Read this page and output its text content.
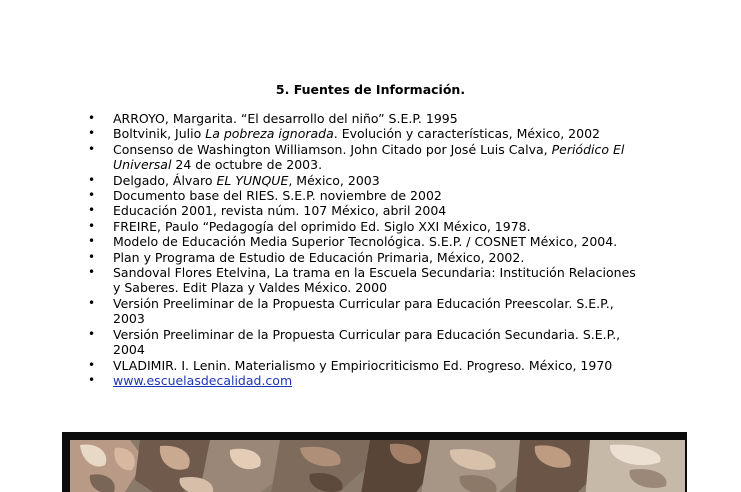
5. Fuentes de Información.
• ARROYO, Margarita. “El desarrollo del niño” S.E.P. 1995
• Boltvinik, Julio La pobreza ignorada. Evolución y características, México, 2002
• Consenso de Washington Williamson. John Citado por José Luis Calva, Periódico El Universal 24 de octubre de 2003.
• Delgado, Álvaro EL YUNQUE, México, 2003
• Documento base del RIES. S.E.P. noviembre de 2002
• Educación 2001, revista núm. 107 México, abril 2004
• FREIRE, Paulo “Pedagogía del oprimido Ed. Siglo XXI México, 1978.
• Modelo de Educación Media Superior Tecnológica. S.E.P. / COSNET México, 2004.
• Plan y Programa de Estudio de Educación Primaria, México, 2002.
• Sandoval Flores Etelvina, La trama en la Escuela Secundaria: Institución Relaciones y Saberes. Edit Plaza y Valdes México. 2000
• Versión Preeliminar de la Propuesta Curricular para Educación Preescolar. S.E.P., 2003
• Versión Preeliminar de la Propuesta Curricular para Educación Secundaria. S.E.P., 2004
• VLADIMIR. I. Lenin. Materialismo y Empiriocriticismo Ed. Progreso. México, 1970
• www.escuelasdecalidad.com
